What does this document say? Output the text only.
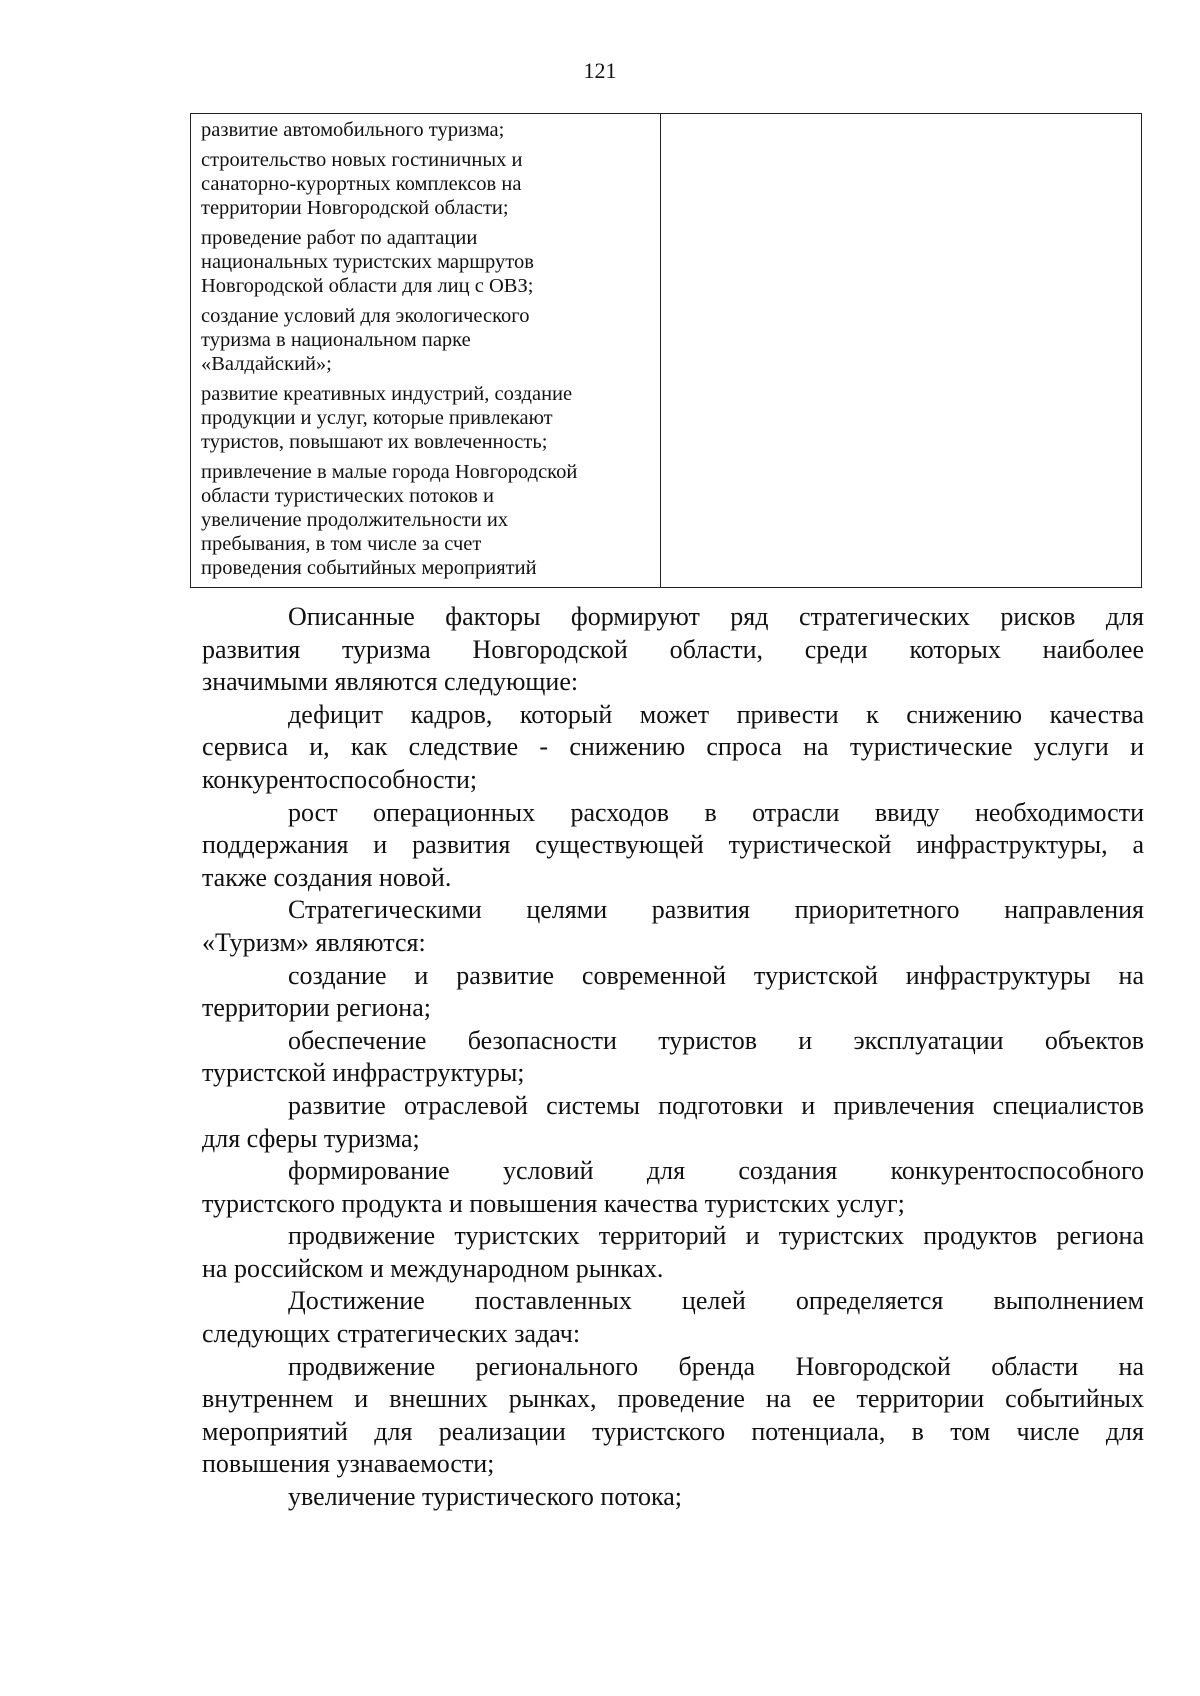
121
развитие автомобильного туризма;
строительство новых гостиничных и
санаторно-курортных комплексов на
территории Новгородской области;
проведение работ по адаптации
национальных туристских маршрутов
Новгородской области для лиц с ОВЗ;
создание условий для экологического
туризма в национальном парке
«Валдайский»;
развитие креативных индустрий, создание
продукции и услуг, которые привлекают
туристов, повышают их вовлеченность;
привлечение в малые города Новгородской
области туристических потоков и
увеличение продолжительности их
пребывания, в том числе за счет
проведения событийных мероприятий

Описанные факторы формируют ряд стратегических рисков для
развития туризма Новгородской области, среди которых наиболее
значимыми являются следующие:

дефицит кадров, который может привести к снижению качества
сервиса и, как следствие - снижению спроса на туристические услуги и
конкурентоспособности;

рост операционных расходов в отрасли ввиду необходимости
поддержания и развития существующей туристической инфраструктуры, а
также создания новой.

Стратегическими целями развития приоритетного направления
«Туризм» являются:

создание и развитие современной туристской инфраструктуры на
территории региона;

обеспечение безопасности туристов и эксплуатации объектов
туристской инфраструктуры;

развитие отраслевой системы подготовки и привлечения специалистов
для сферы туризма;

формирование условий для создания конкурентоспособного
туристского продукта и повышения качества туристских услуг;

продвижение туристских территорий и туристских продуктов региона
на российском и международном рынках.

Достижение поставленных целей определяется выполнением
следующих стратегических задач:

продвижение регионального бренда Новгородской области на
внутреннем и внешних рынках, проведение на ее территории событийных
мероприятий для реализации туристского потенциала, в том числе для
повышения узнаваемости;

увеличение туристического потока;
